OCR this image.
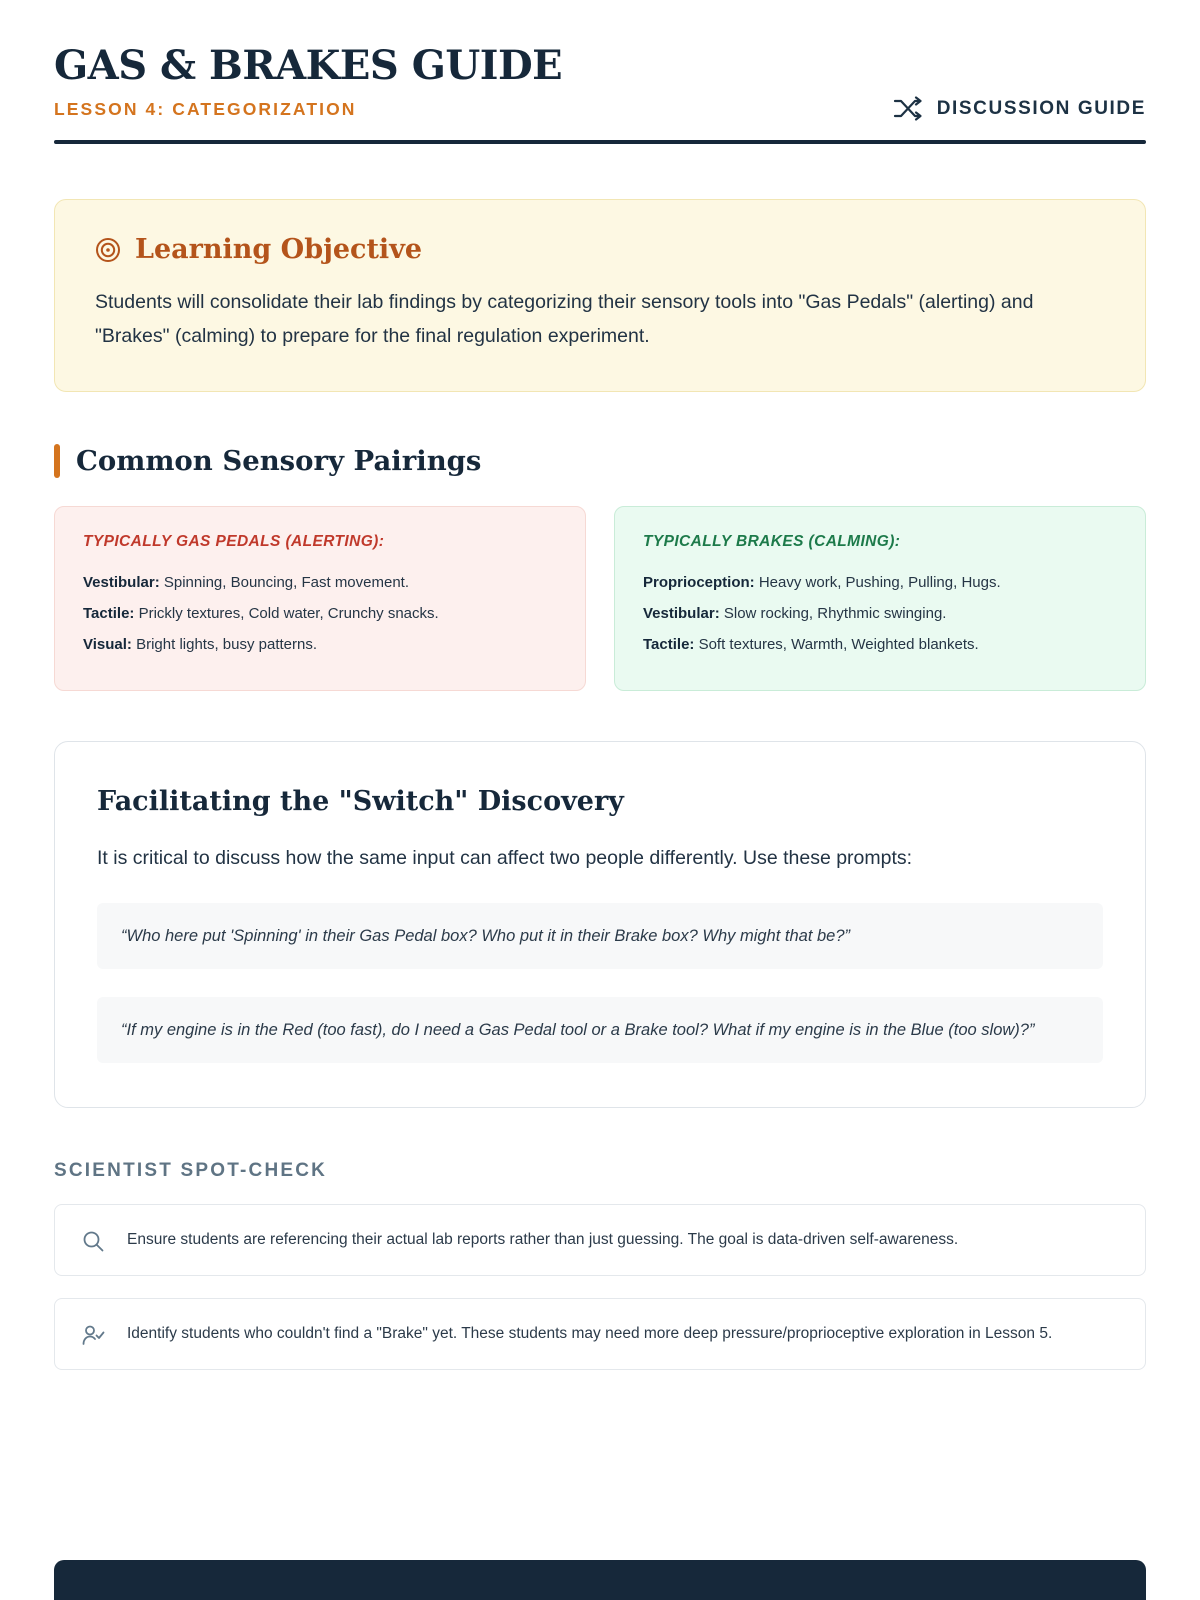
GAS & BRAKES GUIDE
LESSON 4: CATEGORIZATION	DISCUSSION GUIDE
Learning Objective
Students will consolidate their lab findings by categorizing their sensory tools into "Gas Pedals" (alerting) and "Brakes" (calming) to prepare for the final regulation experiment.
Common Sensory Pairings
TYPICALLY GAS PEDALS (ALERTING):
Vestibular: Spinning, Bouncing, Fast movement.
Tactile: Prickly textures, Cold water, Crunchy snacks.
Visual: Bright lights, busy patterns.
TYPICALLY BRAKES (CALMING):
Proprioception: Heavy work, Pushing, Pulling, Hugs.
Vestibular: Slow rocking, Rhythmic swinging.
Tactile: Soft textures, Warmth, Weighted blankets.
Facilitating the "Switch" Discovery
It is critical to discuss how the same input can affect two people differently. Use these prompts:
“Who here put 'Spinning' in their Gas Pedal box? Who put it in their Brake box? Why might that be?”
“If my engine is in the Red (too fast), do I need a Gas Pedal tool or a Brake tool? What if my engine is in the Blue (too slow)?”
SCIENTIST SPOT-CHECK
Ensure students are referencing their actual lab reports rather than just guessing. The goal is data-driven self-awareness.
Identify students who couldn't find a "Brake" yet. These students may need more deep pressure/proprioceptive exploration in Lesson 5.
